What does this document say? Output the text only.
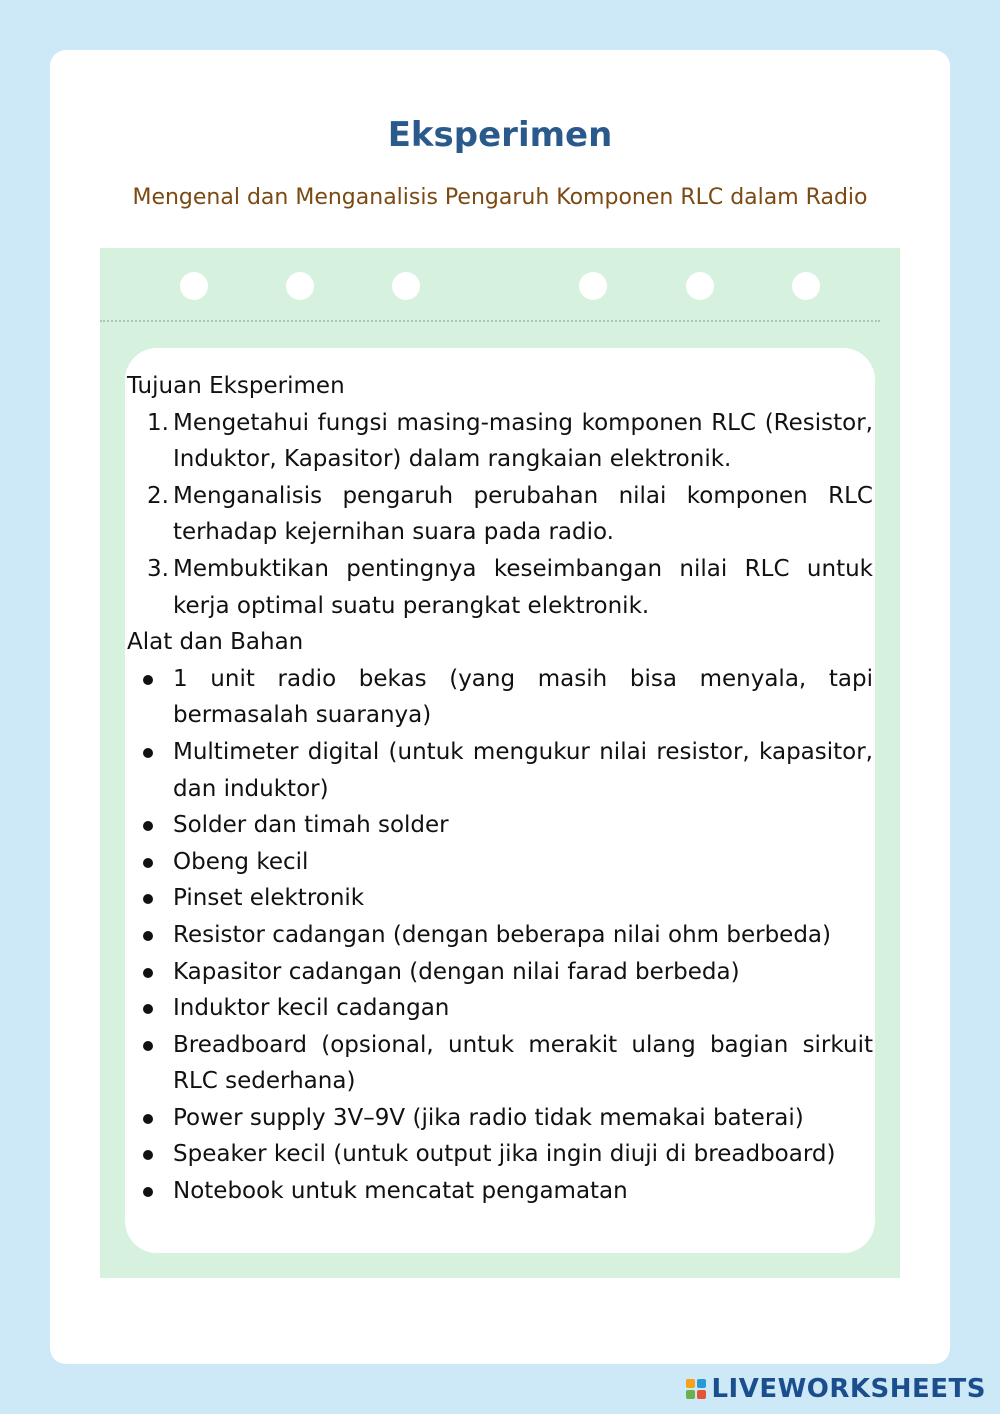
Eksperimen

Mengenal dan Menganalisis Pengaruh Komponen RLC dalam Radio

Tujuan Eksperimen
1. Mengetahui fungsi masing-masing komponen RLC (Resistor, Induktor, Kapasitor) dalam rangkaian elektronik.
2. Menganalisis pengaruh perubahan nilai komponen RLC terhadap kejernihan suara pada radio.
3. Membuktikan pentingnya keseimbangan nilai RLC untuk kerja optimal suatu perangkat elektronik.
Alat dan Bahan
1 unit radio bekas (yang masih bisa menyala, tapi bermasalah suaranya)
Multimeter digital (untuk mengukur nilai resistor, kapasitor, dan induktor)
Solder dan timah solder
Obeng kecil
Pinset elektronik
Resistor cadangan (dengan beberapa nilai ohm berbeda)
Kapasitor cadangan (dengan nilai farad berbeda)
Induktor kecil cadangan
Breadboard (opsional, untuk merakit ulang bagian sirkuit RLC sederhana)
Power supply 3V–9V (jika radio tidak memakai baterai)
Speaker kecil (untuk output jika ingin diuji di breadboard)
Notebook untuk mencatat pengamatan
LIVEWORKSHEETS
